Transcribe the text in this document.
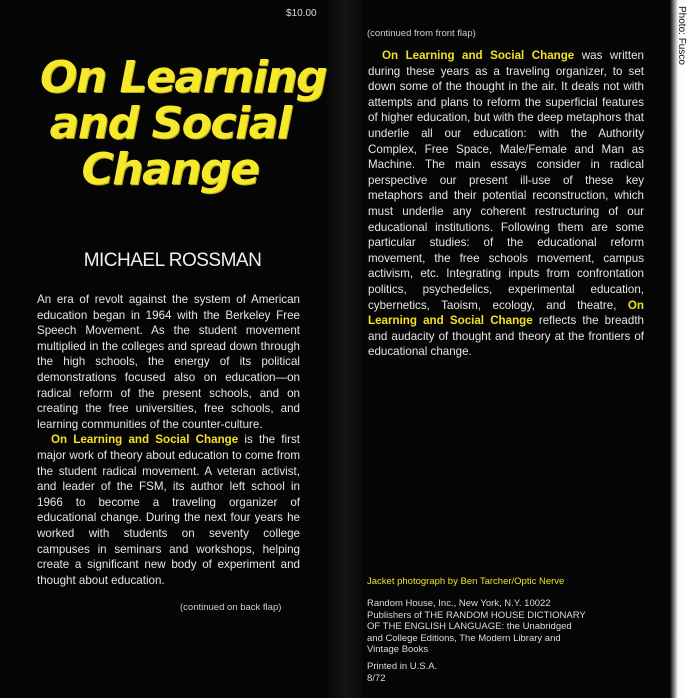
$10.00
On Learning
and Social
Change
MICHAEL ROSSMAN

An era of revolt against the system of American education began in 1964 with the Berkeley Free Speech Movement. As the student movement multiplied in the colleges and spread down through the high schools, the energy of its political demonstrations focused also on education—on radical reform of the present schools, and on creating the free universities, free schools, and learning communities of the counter-culture.

On Learning and Social Change is the first major work of theory about education to come from the student radical movement. A veteran activist, and leader of the FSM, its author left school in 1966 to become a traveling organizer of educational change. During the next four years he worked with students on seventy college campuses in seminars and workshops, helping create a significant new body of experiment and thought about education.

(continued on back flap)
(continued from front flap)

On Learning and Social Change was written during these years as a traveling organizer, to set down some of the thought in the air. It deals not with attempts and plans to reform the superficial features of higher education, but with the deep metaphors that underlie all our education: with the Authority Complex, Free Space, Male/Female and Man as Machine. The main essays consider in radical perspective our present ill-use of these key metaphors and their potential reconstruction, which must underlie any coherent restructuring of our educational institutions. Following them are some particular studies: of the educational reform movement, the free schools movement, campus activism, etc. Integrating inputs from confrontation politics, psychedelics, experimental education, cybernetics, Taoism, ecology, and theatre, On Learning and Social Change reflects the breadth and audacity of thought and theory at the frontiers of educational change.

Jacket photograph by Ben Tarcher/Optic Nerve
Random House, Inc., New York, N.Y. 10022
Publishers of THE RANDOM HOUSE DICTIONARY
OF THE ENGLISH LANGUAGE: the Unabridged
and College Editions, The Modern Library and
Vintage Books
Printed in U.S.A.
8/72
Photo: Fusco
